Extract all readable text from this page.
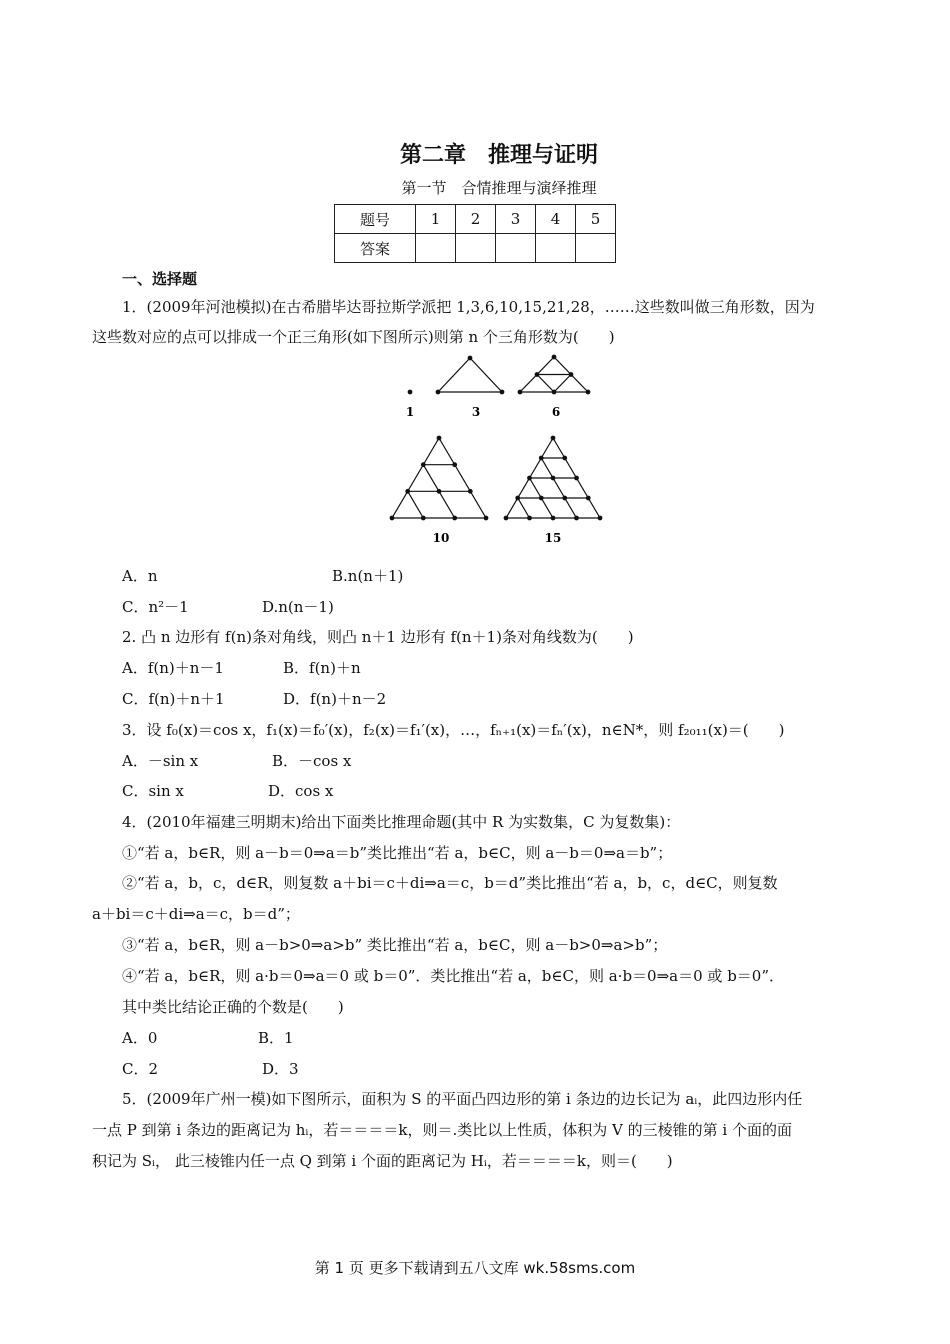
第二章　推理与证明
第一节　合情推理与演绎推理
题号	1	2	3	4	5
答案					
一、选择题
1．(2009年河池模拟)在古希腊毕达哥拉斯学派把 1,3,6,10,15,21,28，……这些数叫做三角形数，因为
这些数对应的点可以排成一个正三角形(如下图所示)则第 n 个三角形数为(　　)
1	3	6
10	15
A．n	B.n(n＋1)
C．n²－1	D.n(n－1)
2. 凸 n 边形有 f(n)条对角线，则凸 n＋1 边形有 f(n＋1)条对角线数为(　　)
A．f(n)＋n－1	B．f(n)＋n
C．f(n)＋n＋1	D．f(n)＋n－2
3．设 f₀(x)＝cos x，f₁(x)＝f₀′(x)，f₂(x)＝f₁′(x)，…，fₙ₊₁(x)＝fₙ′(x)，n∈N*，则 f₂₀₁₁(x)＝(　　)
A．－sin x	B．－cos x
C．sin x	D．cos x
4．(2010年福建三明期末)给出下面类比推理命题(其中 R 为实数集，C 为复数集)：
①“若 a，b∈R，则 a－b＝0⇒a＝b”类比推出“若 a，b∈C，则 a－b＝0⇒a＝b”；
②“若 a，b，c，d∈R，则复数 a＋bi＝c＋di⇒a＝c，b＝d”类比推出“若 a，b，c，d∈C，则复数
a＋bi＝c＋di⇒a＝c，b＝d”；
③“若 a，b∈R，则 a－b>0⇒a>b” 类比推出“若 a，b∈C，则 a－b>0⇒a>b”；
④“若 a，b∈R，则 a·b＝0⇒a＝0 或 b＝0”．类比推出“若 a，b∈C，则 a·b＝0⇒a＝0 或 b＝0”．
其中类比结论正确的个数是(　　)
A．0	B．1
C．2	D．3
5．(2009年广州一模)如下图所示，面积为 S 的平面凸四边形的第 i 条边的边长记为 aᵢ，此四边形内任
一点 P 到第 i 条边的距离记为 hᵢ，若＝＝＝＝k，则＝.类比以上性质，体积为 V 的三棱锥的第 i 个面的面
积记为 Sᵢ， 此三棱锥内任一点 Q 到第 i 个面的距离记为 Hᵢ，若＝＝＝＝k，则＝(　　)
第 1 页 更多下载请到五八文库 wk.58sms.com
